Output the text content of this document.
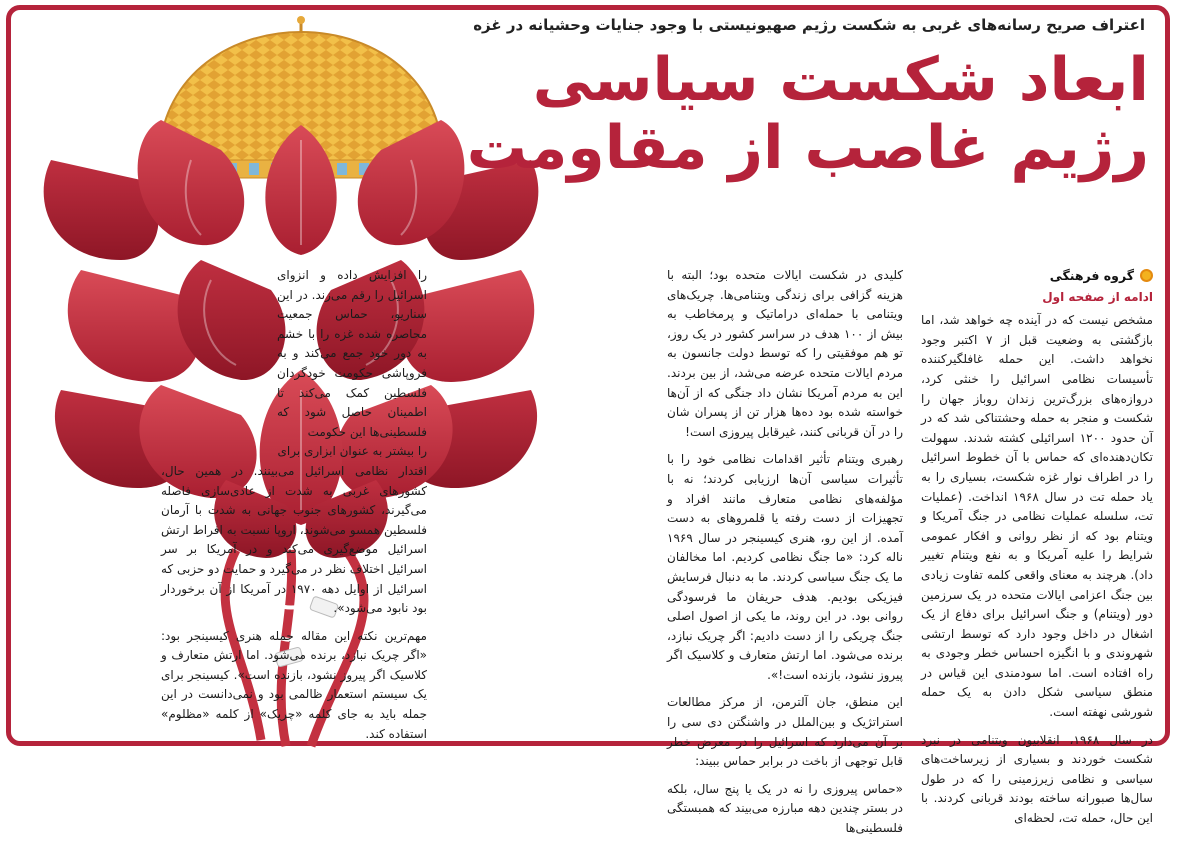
اعتراف صریح رسانه‌های غربی به شکست رژیم صهیونیستی با وجود جنایات وحشیانه در غزه
ابعاد شکست سیاسی
رژیم غاصب از مقاومت
گروه فرهنگی
ادامه از صفحه اول

مشخص نیست که در آینده چه خواهد شد، اما بازگشتی به وضعیت قبل از ۷ اکتبر وجود نخواهد داشت. این حمله غافلگیرکننده تأسیسات نظامی اسرائیل را خنثی کرد، دروازه‌های بزرگ‌ترین زندان روباز جهان را شکست و منجر به حمله وحشتناکی شد که در آن حدود ۱۲۰۰ اسرائیلی کشته شدند. سهولت تکان‌دهنده‌ای که حماس با آن خطوط اسرائیل را در اطراف نوار غزه شکست، بسیاری را به یاد حمله تت در سال ۱۹۶۸ انداخت. (عملیات تت، سلسله عملیات نظامی در جنگ آمریکا و ویتنام بود که از نظر روانی و افکار عمومی شرایط را علیه آمریکا و به نفع ویتنام تغییر داد). هرچند به معنای واقعی کلمه تفاوت زیادی بین جنگ اعزامی ایالات متحده در یک سرزمین دور (ویتنام) و جنگ اسرائیل برای دفاع از یک اشغال در داخل وجود دارد که توسط ارتشی شهروندی و با انگیزه احساس خطر وجودی به راه افتاده است. اما سودمندی این قیاس در منطق سیاسی شکل دادن به یک حمله شورشی نهفته است.

در سال ۱۹۶۸، انقلابیون ویتنامی در نبرد شکست خوردند و بسیاری از زیرساخت‌های سیاسی و نظامی زیرزمینی را که در طول سال‌ها صبورانه ساخته بودند قربانی کردند. با این حال، حمله تت، لحظه‌ای

کلیدی در شکست ایالات متحده بود؛ البته با هزینه گزافی برای زندگی ویتنامی‌ها. چریک‌های ویتنامی با حمله‌ای دراماتیک و پرمخاطب به بیش از ۱۰۰ هدف در سراسر کشور در یک روز، تو هم موفقیتی را که توسط دولت جانسون به مردم ایالات متحده عرضه می‌شد، از بین بردند. این به مردم آمریکا نشان داد جنگی که از آن‌ها خواسته شده بود ده‌ها هزار تن از پسران شان را در آن قربانی کنند، غیرقابل پیروزی است!

رهبری ویتنام تأثیر اقدامات نظامی خود را با تأثیرات سیاسی آن‌ها ارزیابی کردند؛ نه با مؤلفه‌های نظامی متعارف مانند افراد و تجهیزات از دست رفته یا قلمروهای به دست آمده. از این رو، هنری کیسینجر در سال ۱۹۶۹ ناله کرد: «ما جنگ نظامی کردیم. اما مخالفان ما یک جنگ سیاسی کردند. ما به دنبال فرسایش فیزیکی بودیم. هدف حریفان ما فرسودگی روانی بود. در این روند، ما یکی از اصول اصلی جنگ چریکی را از دست دادیم: اگر چریک نبازد، برنده می‌شود. اما ارتش متعارف و کلاسیک اگر پیروز نشود، بازنده است!».

این منطق، جان آلترمن، از مرکز مطالعات استراتژیک و بین‌الملل در واشنگتن دی سی را بر آن می‌دارد که اسرائیل را در معرض خطر قابل توجهی از باخت در برابر حماس ببیند:

«حماس پیروزی را نه در یک یا پنج سال، بلکه در بستر چندین دهه مبارزه می‌بیند که همبستگی فلسطینی‌ها

را افزایش داده و انزوای اسرائیل را رقم می‌زند. در این سناریو، حماس جمعیت محاصره شده غزه را با خشم به دور خود جمع می‌کند و به فروپاشی حکومت خودگردان فلسطین کمک می‌کند تا اطمینان حاصل شود که فلسطینی‌ها این حکومت

را بیشتر به عنوان ابزاری برای

اقتدار نظامی اسرائیل می‌بینند. در همین حال، کشورهای غربی به شدت از عادی‌سازی فاصله می‌گیرند، کشورهای جنوب جهانی به شدت با آرمان فلسطین همسو می‌شوند، اروپا نسبت به افراط ارتش اسرائیل موضع‌گیری می‌کند و در آمریکا بر سر اسرائیل اختلاف نظر در می‌گیرد و حمایت دو حزبی که اسرائیل از اوایل دهه ۱۹۷۰ در آمریکا از آن برخوردار بود نابود می‌شود».

مهم‌ترین نکته این مقاله جمله هنری کیسینجر بود: «اگر چریک نبازد، برنده می‌شود. اما ارتش متعارف و کلاسیک اگر پیروز نشود، بازنده است». کیسینجر برای یک سیستم استعمار ظالمی بود و نمی‌دانست در این جمله باید به جای کلمه «چریک» از کلمه «مظلوم» استفاده کند.
